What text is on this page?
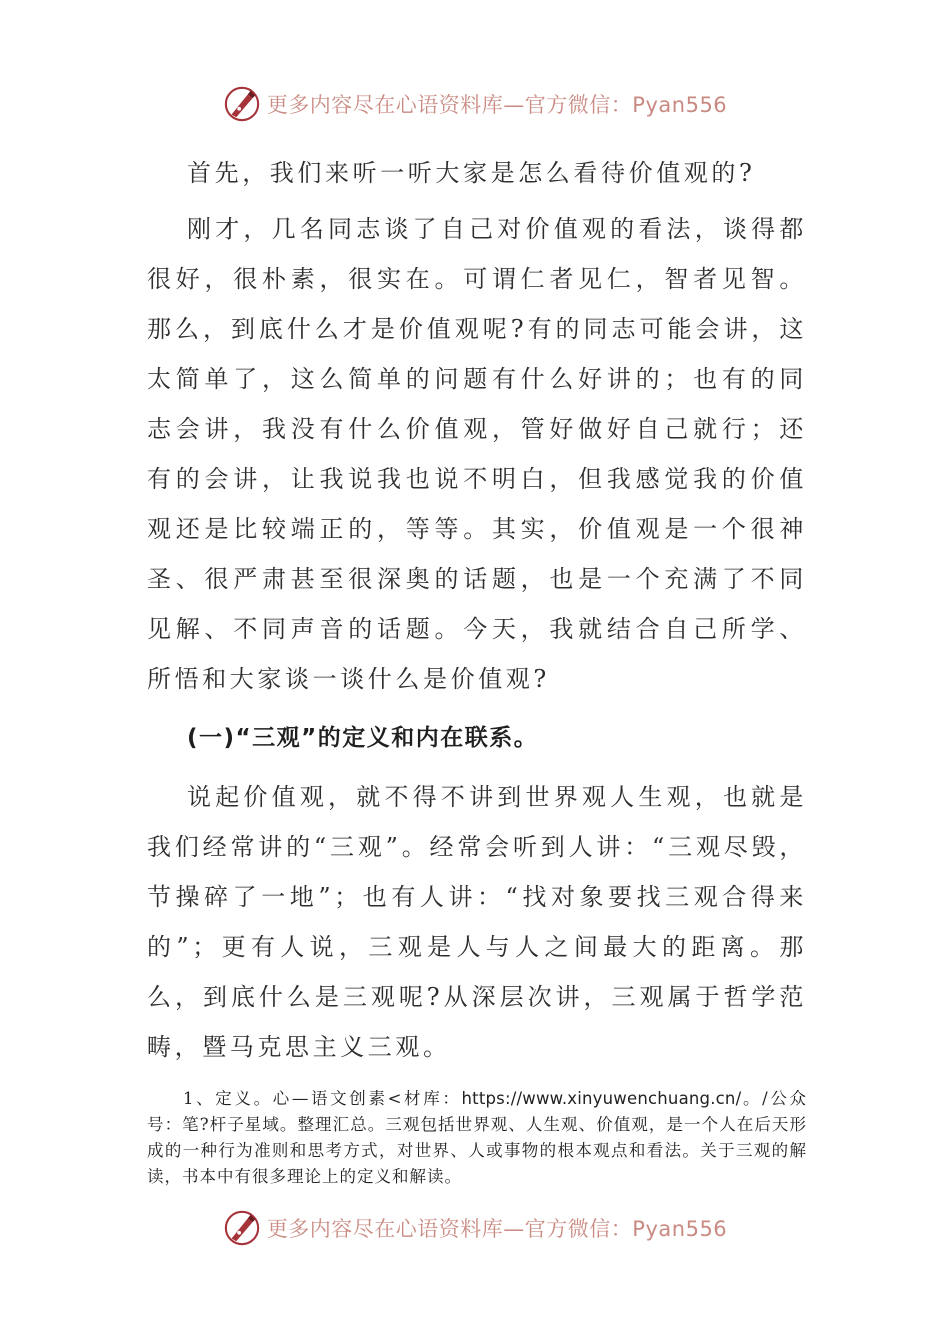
更多内容尽在心语资料库—官方微信：Pyan556

首先，我们来听一听大家是怎么看待价值观的?

刚才，几名同志谈了自己对价值观的看法，谈得都很好，很朴素，很实在。可谓仁者见仁，智者见智。那么，到底什么才是价值观呢?有的同志可能会讲，这太简单了，这么简单的问题有什么好讲的；也有的同志会讲，我没有什么价值观，管好做好自己就行；还有的会讲，让我说我也说不明白，但我感觉我的价值观还是比较端正的，等等。其实，价值观是一个很神圣、很严肃甚至很深奥的话题，也是一个充满了不同见解、不同声音的话题。今天，我就结合自己所学、所悟和大家谈一谈什么是价值观?

(一)“三观”的定义和内在联系。

说起价值观，就不得不讲到世界观人生观，也就是我们经常讲的“三观”。经常会听到人讲：“三观尽毁，节操碎了一地”；也有人讲：“找对象要找三观合得来的”；更有人说，三观是人与人之间最大的距离。那么，到底什么是三观呢?从深层次讲，三观属于哲学范畴，暨马克思主义三观。

1、定义。心—语文创素<材库：https://www.xinyuwenchuang.cn/。/公众号：笔?杆子星域。整理汇总。三观包括世界观、人生观、价值观，是一个人在后天形成的一种行为准则和思考方式，对世界、人或事物的根本观点和看法。关于三观的解读，书本中有很多理论上的定义和解读。

更多内容尽在心语资料库—官方微信：Pyan556
